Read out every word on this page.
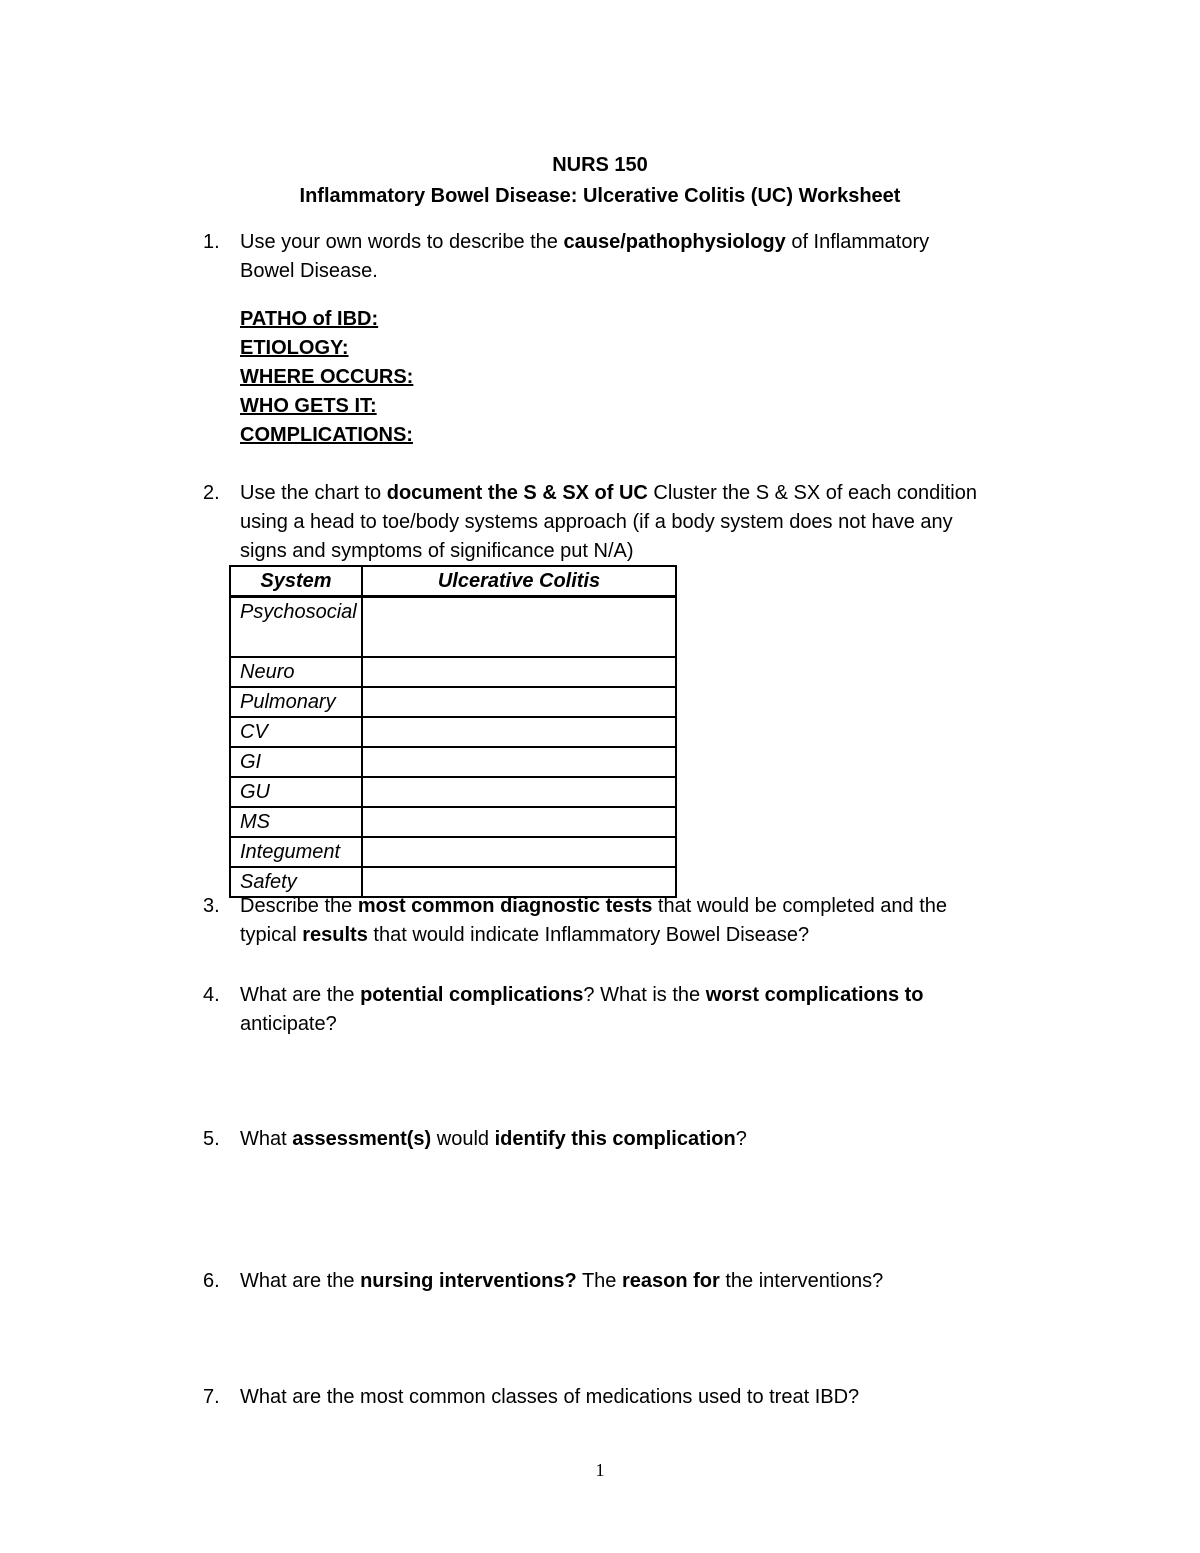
NURS 150
Inflammatory Bowel Disease: Ulcerative Colitis (UC) Worksheet
1. Use your own words to describe the cause/pathophysiology of Inflammatory
Bowel Disease.
PATHO of IBD:
ETIOLOGY:
WHERE OCCURS:
WHO GETS IT:
COMPLICATIONS:
2. Use the chart to document the S & SX of UC Cluster the S & SX of each condition
using a head to toe/body systems approach (if a body system does not have any
signs and symptoms of significance put N/A)
System	Ulcerative Colitis

Psychosocial	

Neuro	
Pulmonary	
CV	
GI	
GU	
MS	
Integument	
Safety	
3. Describe the most common diagnostic tests that would be completed and the
typical results that would indicate Inflammatory Bowel Disease?
4. What are the potential complications? What is the worst complications to
anticipate?
5. What assessment(s) would identify this complication?
6. What are the nursing interventions? The reason for the interventions?
7. What are the most common classes of medications used to treat IBD?
1
